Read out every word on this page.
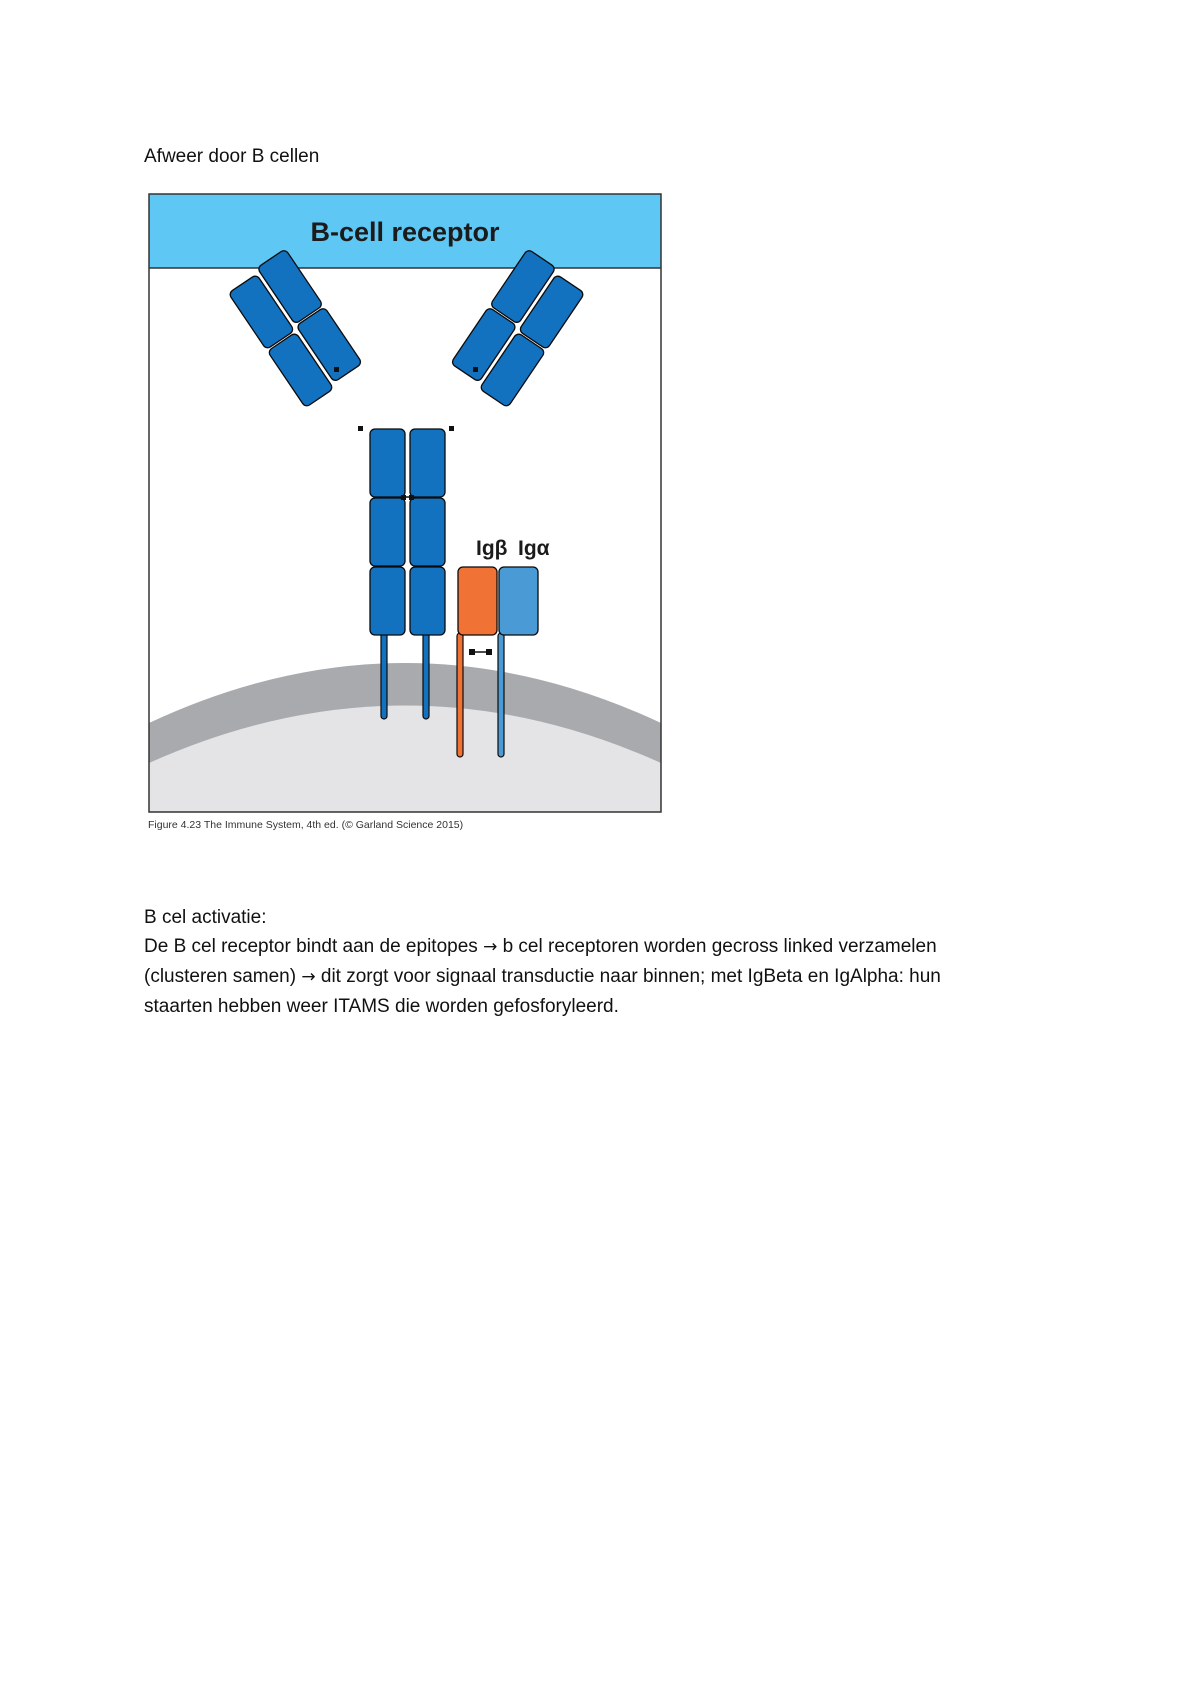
Afweer door B cellen
B-cell receptor
Igβ Igα
Figure 4.23 The Immune System, 4th ed. (© Garland Science 2015)

B cel activatie:

De B cel receptor bindt aan de epitopes → b cel receptoren worden gecross linked verzamelen

(clusteren samen) → dit zorgt voor signaal transductie naar binnen; met IgBeta en IgAlpha: hun

staarten hebben weer ITAMS die worden gefosforyleerd.
